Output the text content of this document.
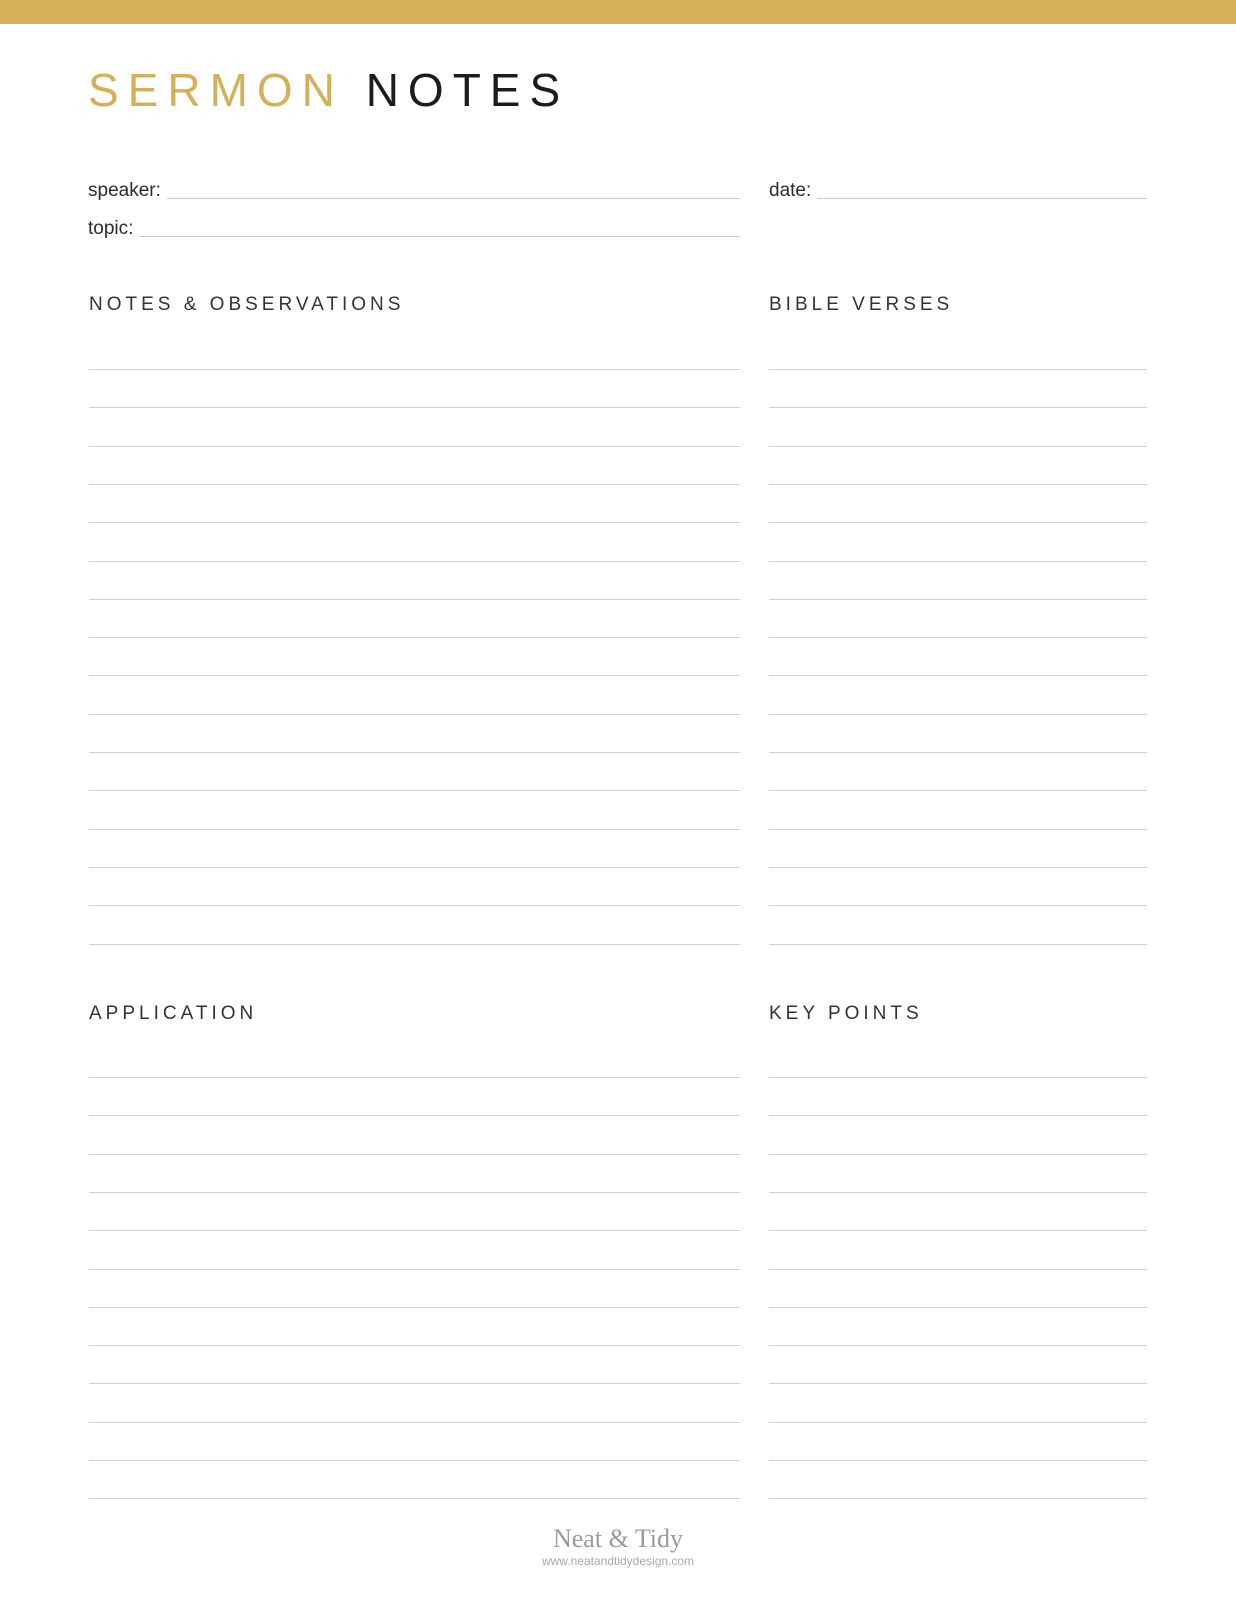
SERMON NOTES
speaker:	date:
topic:
NOTES & OBSERVATIONS	BIBLE VERSES
APPLICATION	KEY POINTS
Neat & Tidy
www.neatandtidydesign.com
